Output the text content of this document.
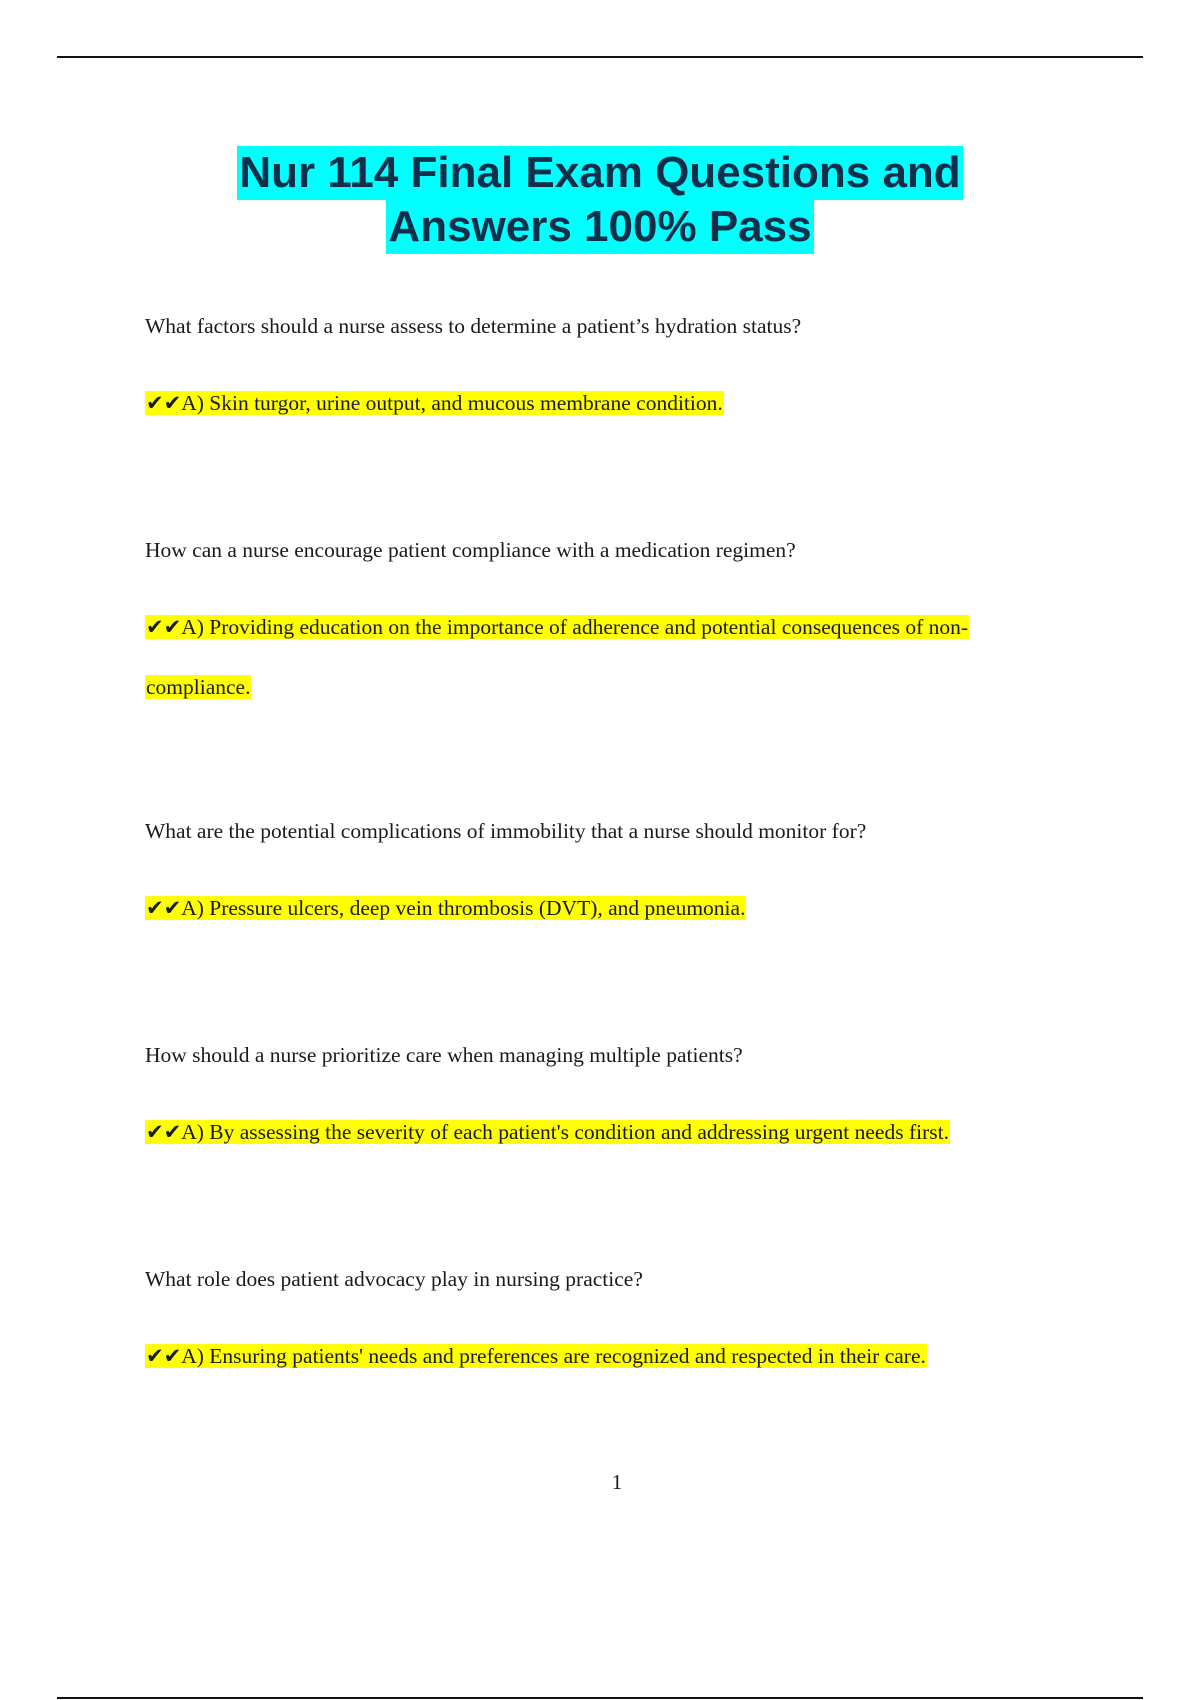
Nur 114 Final Exam Questions and
Answers 100% Pass
What factors should a nurse assess to determine a patient’s hydration status?
✔✔A) Skin turgor, urine output, and mucous membrane condition.
How can a nurse encourage patient compliance with a medication regimen?
✔✔A) Providing education on the importance of adherence and potential consequences of non-
compliance.
What are the potential complications of immobility that a nurse should monitor for?
✔✔A) Pressure ulcers, deep vein thrombosis (DVT), and pneumonia.
How should a nurse prioritize care when managing multiple patients?
✔✔A) By assessing the severity of each patient's condition and addressing urgent needs first.
What role does patient advocacy play in nursing practice?
✔✔A) Ensuring patients' needs and preferences are recognized and respected in their care.
1
